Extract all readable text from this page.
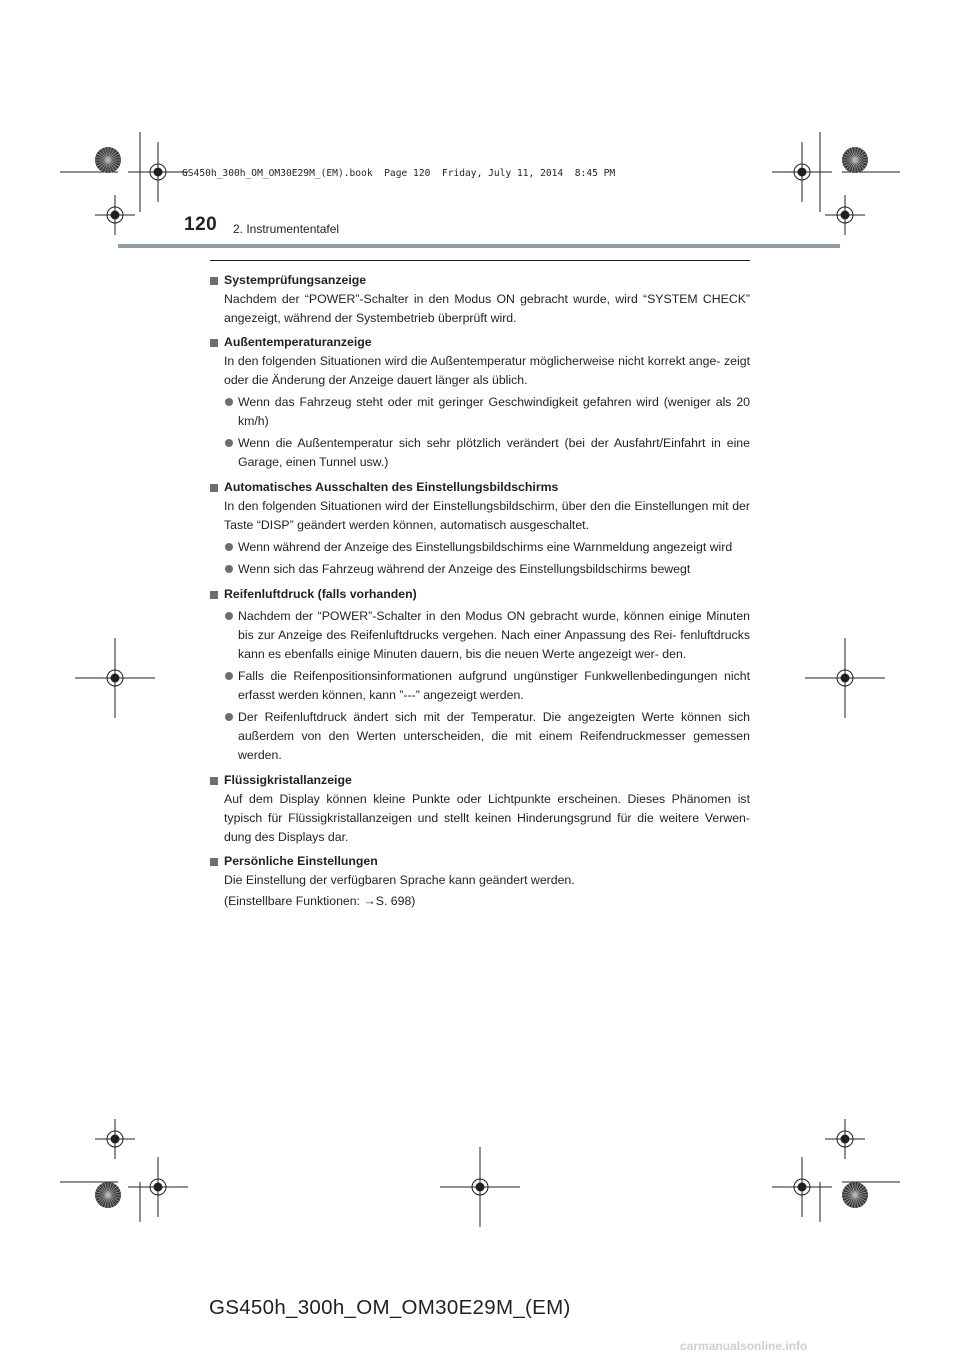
120 2. Instrumententafel
GS450h_300h_OM_OM30E29M_(EM).book  Page 120  Friday, July 11, 2014  8:45 PM
Systemprüfungsanzeige
Nachdem der “POWER”-Schalter in den Modus ON gebracht wurde, wird “SYSTEM CHECK” angezeigt, während der Systembetrieb überprüft wird.
Außentemperaturanzeige
In den folgenden Situationen wird die Außentemperatur möglicherweise nicht korrekt ange- zeigt oder die Änderung der Anzeige dauert länger als üblich.
Wenn das Fahrzeug steht oder mit geringer Geschwindigkeit gefahren wird (weniger als 20 km/h)
Wenn die Außentemperatur sich sehr plötzlich verändert (bei der Ausfahrt/Einfahrt in eine Garage, einen Tunnel usw.)
Automatisches Ausschalten des Einstellungsbildschirms
In den folgenden Situationen wird der Einstellungsbildschirm, über den die Einstellungen mit der Taste “DISP” geändert werden können, automatisch ausgeschaltet.
Wenn während der Anzeige des Einstellungsbildschirms eine Warnmeldung angezeigt wird
Wenn sich das Fahrzeug während der Anzeige des Einstellungsbildschirms bewegt
Reifenluftdruck (falls vorhanden)
Nachdem der “POWER”-Schalter in den Modus ON gebracht wurde, können einige Minuten bis zur Anzeige des Reifenluftdrucks vergehen. Nach einer Anpassung des Rei- fenluftdrucks kann es ebenfalls einige Minuten dauern, bis die neuen Werte angezeigt wer- den.
Falls die Reifenpositionsinformationen aufgrund ungünstiger Funkwellenbedingungen nicht erfasst werden können, kann ”---” angezeigt werden.
Der Reifenluftdruck ändert sich mit der Temperatur. Die angezeigten Werte können sich außerdem von den Werten unterscheiden, die mit einem Reifendruckmesser gemessen werden.
Flüssigkristallanzeige
Auf dem Display können kleine Punkte oder Lichtpunkte erscheinen. Dieses Phänomen ist typisch für Flüssigkristallanzeigen und stellt keinen Hinderungsgrund für die weitere Verwen- dung des Displays dar.
Persönliche Einstellungen
Die Einstellung der verfügbaren Sprache kann geändert werden.
(Einstellbare Funktionen: →S. 698)
GS450h_300h_OM_OM30E29M_(EM)
carmanualsonline.info
